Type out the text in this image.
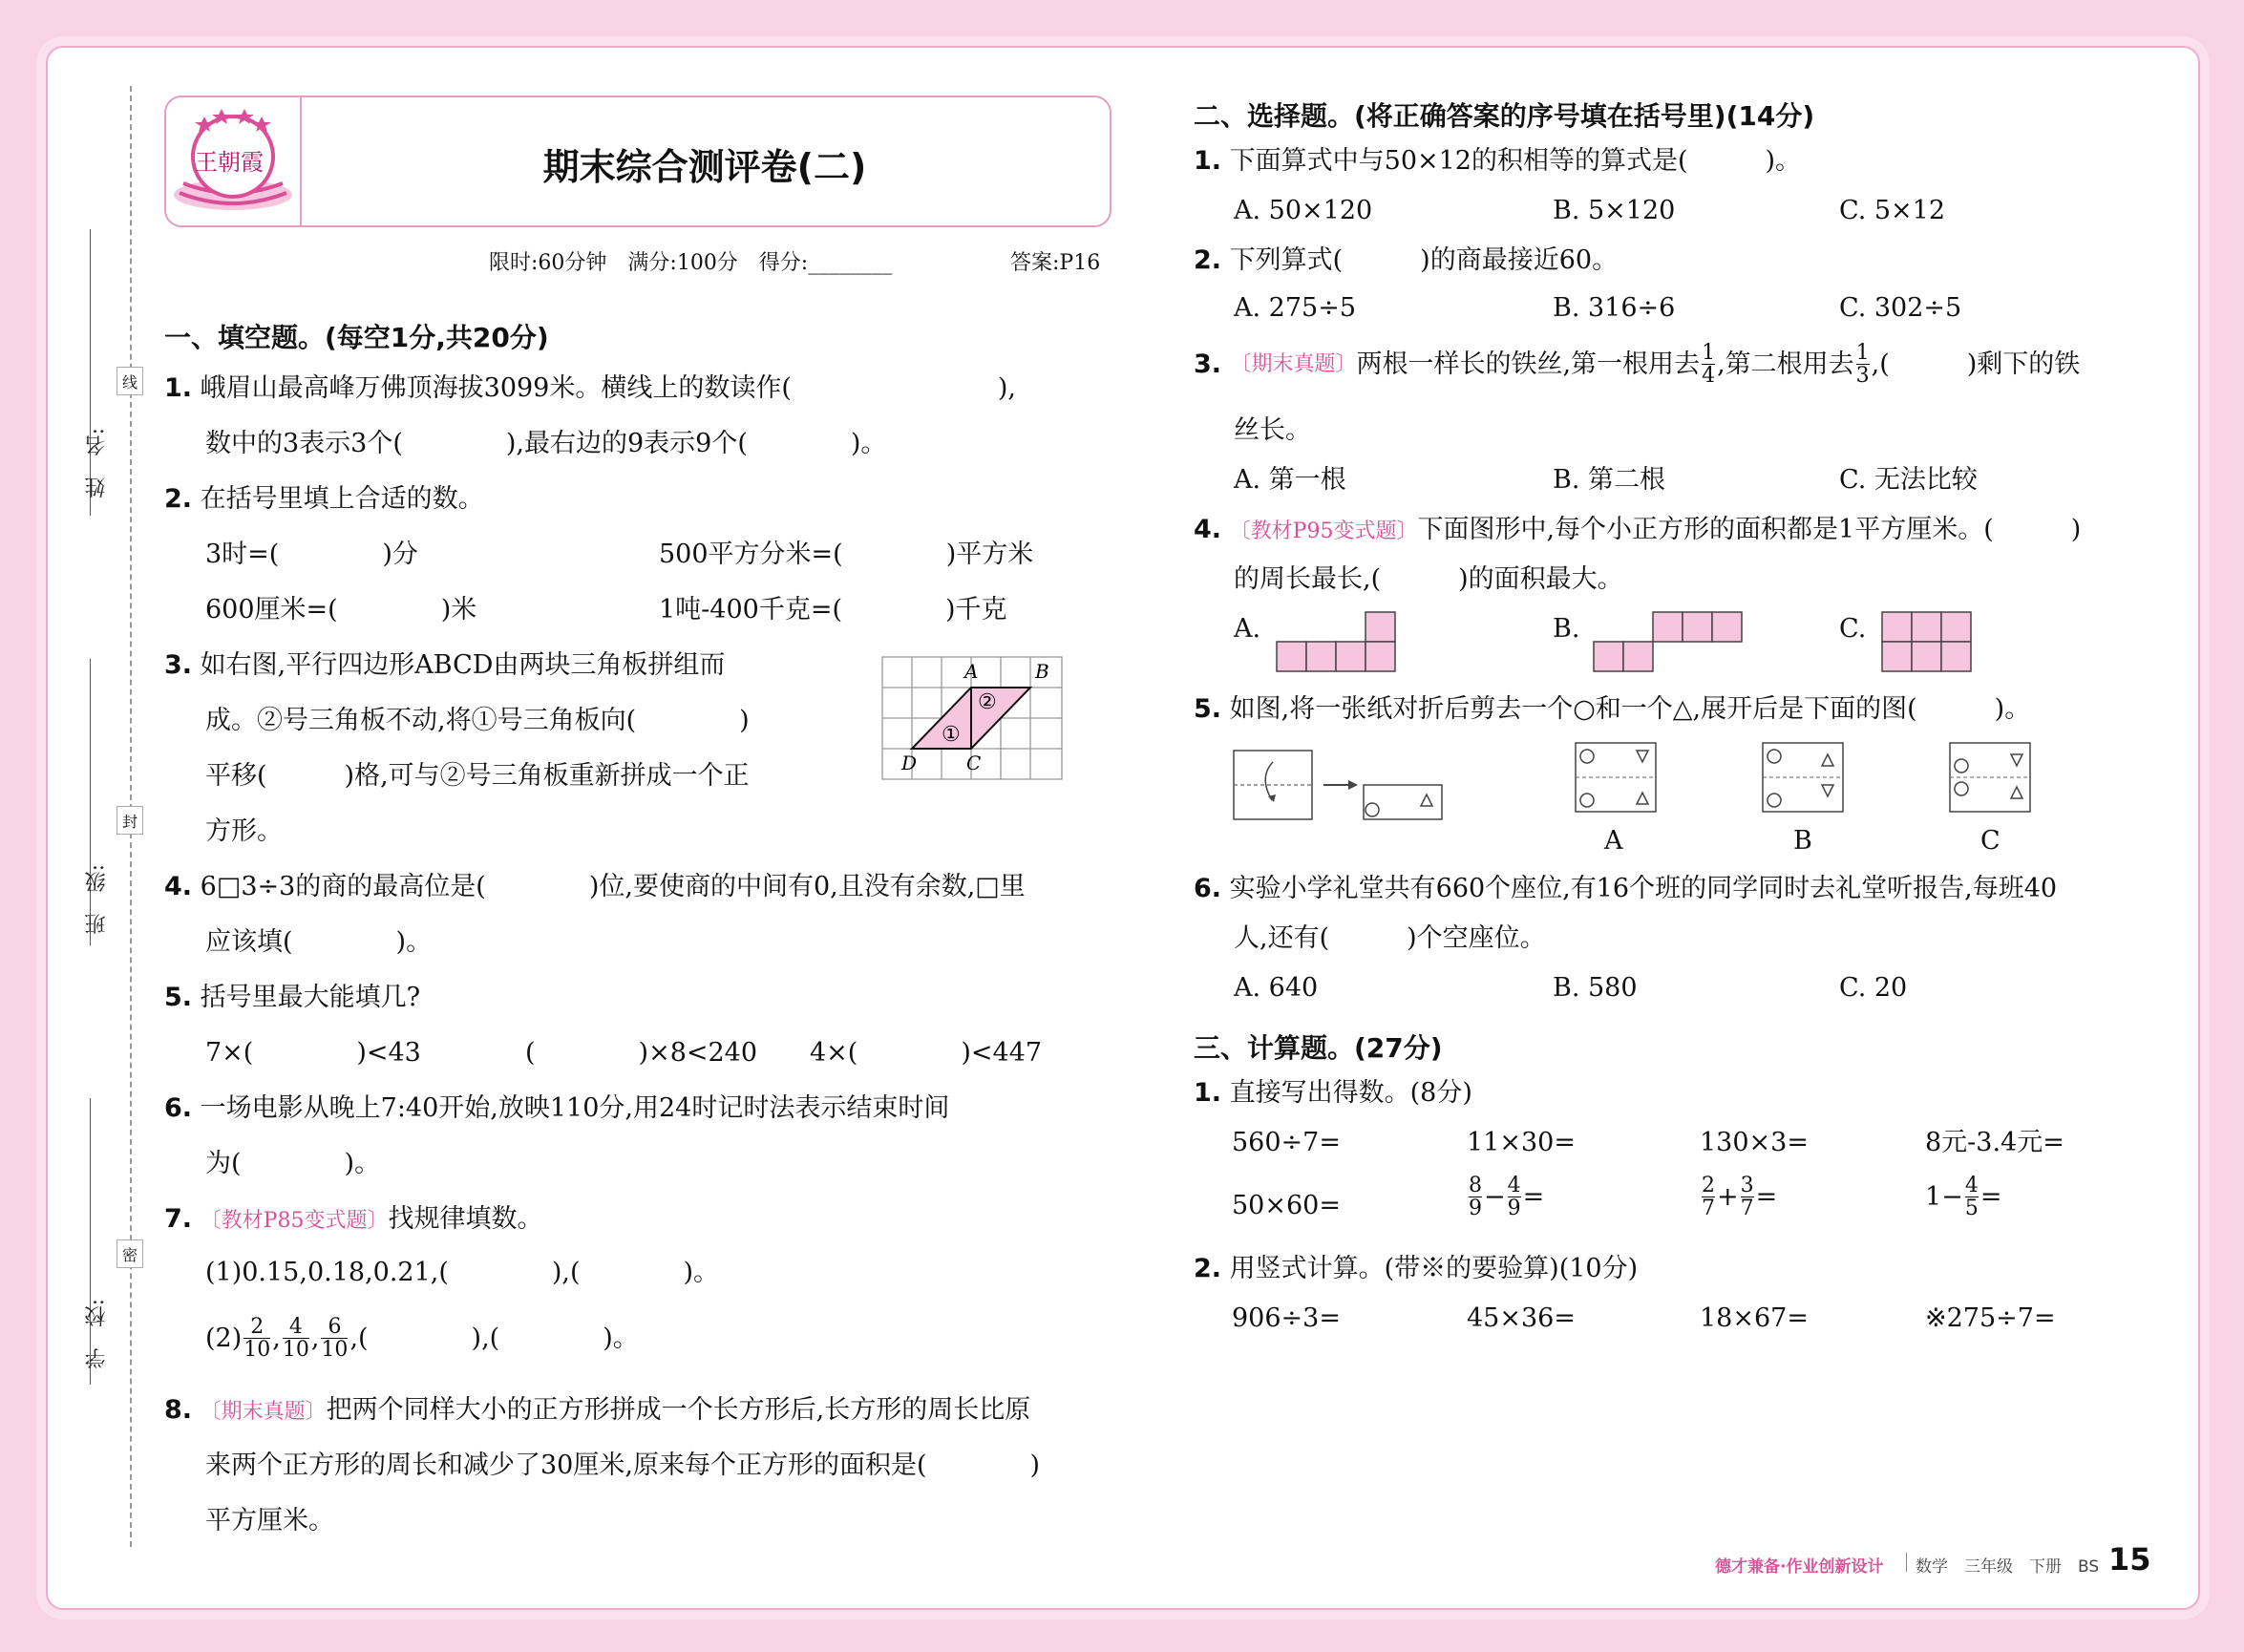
线
封
密
姓　名:
班　级:
学　校:
王朝霞	期末综合测评卷(二)
限时:60分钟　满分:100分　得分:________	答案:P16
一、填空题。(每空1分,共20分)
1. 峨眉山最高峰万佛顶海拔3099米。横线上的数读作(　　　　　　　　),
数中的3表示3个(　　　　),最右边的9表示9个(　　　　)。
2. 在括号里填上合适的数。
3时=(　　　　)分	500平方分米=(　　　　)平方米
600厘米=(　　　　)米	1吨-400千克=(　　　　)千克
3. 如右图,平行四边形ABCD由两块三角板拼组而
成。②号三角板不动,将①号三角板向(　　　　)
平移(　　　)格,可与②号三角板重新拼成一个正
方形。
A	B
C
D
①
②
4. 6□3÷3的商的最高位是(　　　　)位,要使商的中间有0,且没有余数,□里
应该填(　　　　)。
5. 括号里最大能填几?
7×(　　　　)<43	(　　　　)×8<240 4×(　　　　)<447
6. 一场电影从晚上7:40开始,放映110分,用24时记时法表示结束时间
为(　　　　)。
7. 〔教材P85变式题〕找规律填数。
(1)0.15,0.18,0.21,(　　　　),(　　　　)。
$(2) \frac{2}{10}$ , $\frac{4}{10}$ , $\frac{6}{10}$ ,(　　　　),(　　　　)。
8. 〔期末真题〕把两个同样大小的正方形拼成一个长方形后,长方形的周长比原
来两个正方形的周长和减少了30厘米,原来每个正方形的面积是(　　　　)
平方厘米。
二、选择题。(将正确答案的序号填在括号里)(14分)
1. 下面算式中与50×12的积相等的算式是(　　　)。
A. 50×120	B. 5×120	C. 5×12
2. 下列算式(　　　)的商最接近60。
A. 275÷5	B. 316÷6	C. 302÷5
3. 〔期末真题〕 两根一样长的铁丝,第一根用去 $\frac{1}{4}$ ,第二根用去 $\frac{1}{3}$ ,(　　　)剩下的铁
丝长。
A. 第一根	B. 第二根	C. 无法比较
4. 〔教材P95变式题〕下面图形中,每个小正方形的面积都是1平方厘米。(　　　)
的周长最长,(　　　)的面积最大。
A.	B.	C.
5. 如图,将一张纸对折后剪去一个○和一个△,展开后是下面的图(　　　)。
A	B	C
6. 实验小学礼堂共有660个座位,有16个班的同学同时去礼堂听报告,每班40
人,还有(　　　)个空座位。
A. 640	B. 580	C. 20
三、计算题。(27分)
1. 直接写出得数。(8分)
560÷7=	11×30=	130×3=	8元-3.4元=
50×60=	$\frac{8}{9} - \frac{4}{9}$ =	$\frac{2}{7} + \frac{3}{7}$ =	$1- \frac{4}{5}$ =
2. 用竖式计算。(带※的要验算)(10分)
906÷3=	45×36=	18×67=	※275÷7=
德才兼备·作业创新设计 数学　三年级　下册　BS 15
